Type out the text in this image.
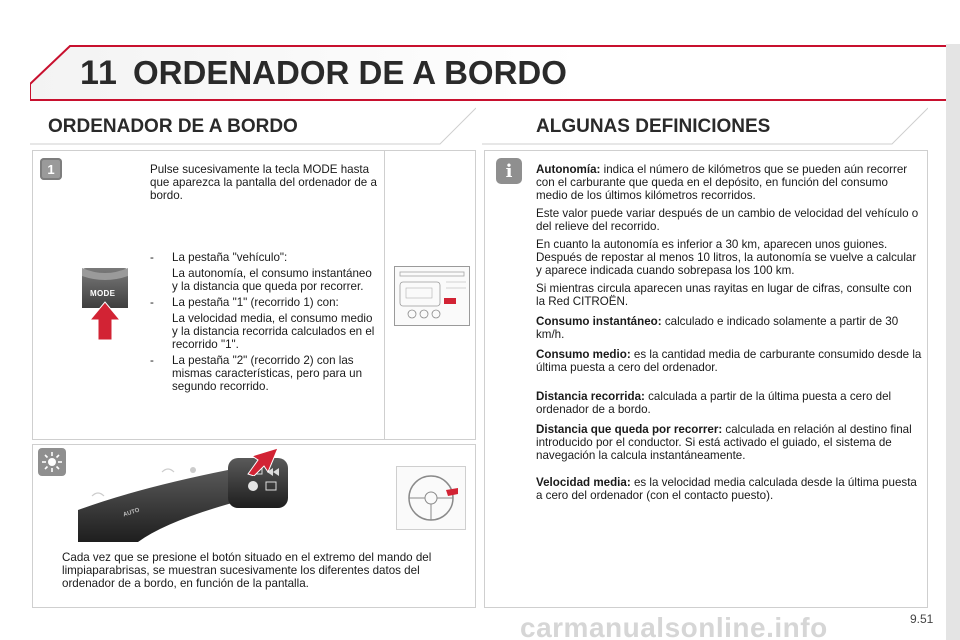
11 ORDENADOR DE A BORDO
ORDENADOR DE A BORDO	ALGUNAS DEFINICIONES
1	Pulse sucesivamente la tecla MODE hasta que aparezca la pantalla del ordenador de a bordo.
MODE
-	La pestaña "vehículo":
La autonomía, el consumo instantáneo y la distancia que queda por recorrer.
-	La pestaña "1" (recorrido 1) con:
La velocidad media, el consumo medio y la distancia recorrida calculados en el recorrido "1".
-	La pestaña "2" (recorrido 2) con las mismas características, pero para un segundo recorrido.
AUTO
Cada vez que se presione el botón situado en el extremo del mando del limpiaparabrisas, se muestran sucesivamente los diferentes datos del ordenador de a bordo, en función de la pantalla.
i	Autonomía: indica el número de kilómetros que se pueden aún recorrer con el carburante que queda en el depósito, en función del consumo medio de los últimos kilómetros recorridos.
Este valor puede variar después de un cambio de velocidad del vehículo o del relieve del recorrido.
En cuanto la autonomía es inferior a 30 km, aparecen unos guiones. Después de repostar al menos 10 litros, la autonomía se vuelve a calcular y aparece indicada cuando sobrepasa los 100 km.
Si mientras circula aparecen unas rayitas en lugar de cifras, consulte con la Red CITROËN.
Consumo instantáneo: calculado e indicado solamente a partir de 30 km/h.
Consumo medio: es la cantidad media de carburante consumido desde la última puesta a cero del ordenador.
Distancia recorrida: calculada a partir de la última puesta a cero del ordenador de a bordo.
Distancia que queda por recorrer: calculada en relación al destino final introducido por el conductor. Si está activado el guiado, el sistema de navegación la calcula instantáneamente.
Velocidad media: es la velocidad media calculada desde la última puesta a cero del ordenador (con el contacto puesto).
carmanualsonline.info	9.51
